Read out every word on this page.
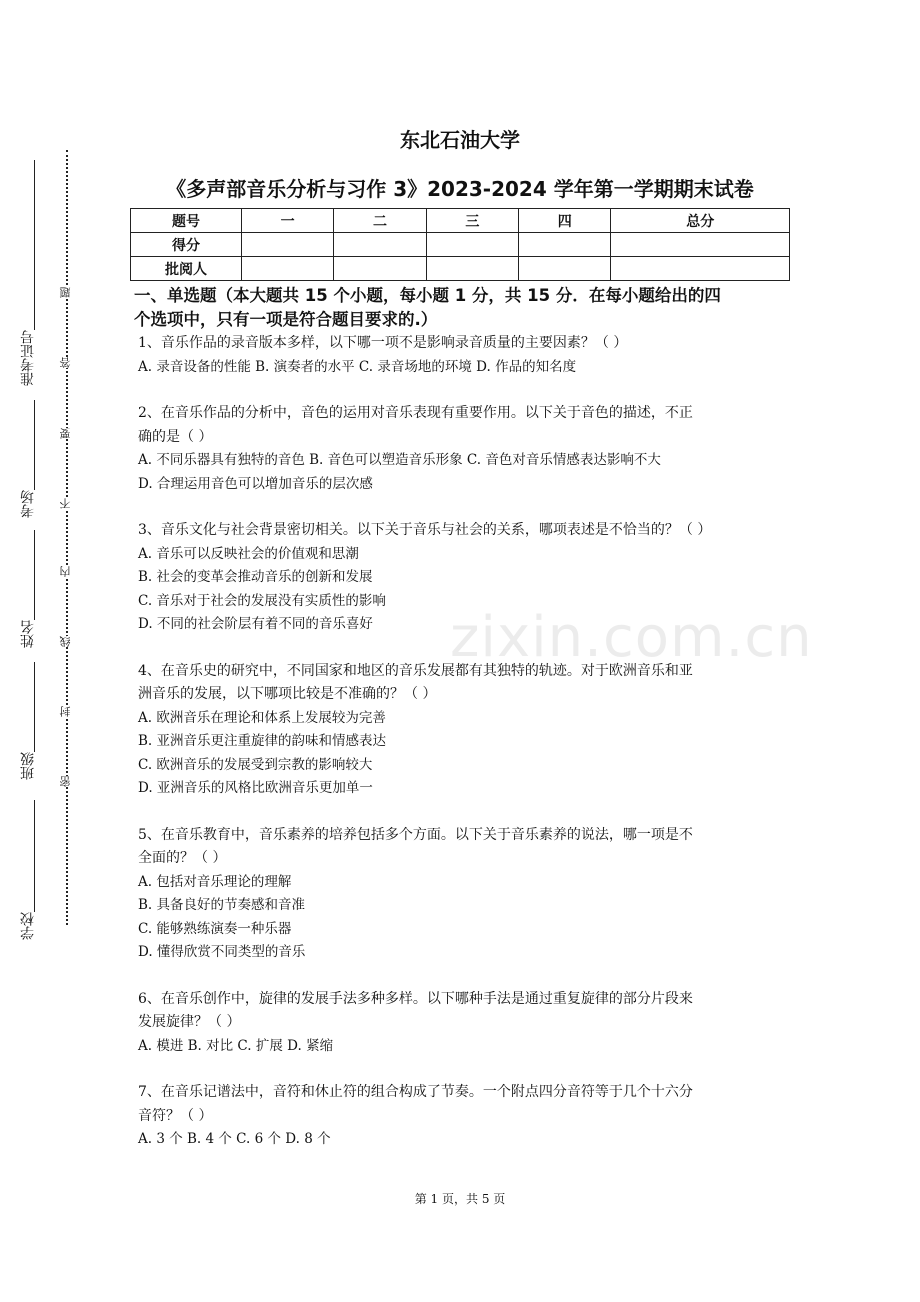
准考证号
考场
姓名
班级
学校
题
答
要
不
内
线
封
密
东北石油大学
《多声部音乐分析与习作 3》2023-2024 学年第一学期期末试卷
题号	一	二	三	四	总分
得分					
批阅人					
一、单选题（本大题共 15 个小题，每小题 1 分，共 15 分．在每小题给出的四
个选项中，只有一项是符合题目要求的.）
1、音乐作品的录音版本多样，以下哪一项不是影响录音质量的主要因素？（ ）
A. 录音设备的性能 B. 演奏者的水平 C. 录音场地的环境 D. 作品的知名度
2、在音乐作品的分析中，音色的运用对音乐表现有重要作用。以下关于音色的描述，不正
确的是（ ）
A. 不同乐器具有独特的音色 B. 音色可以塑造音乐形象 C. 音色对音乐情感表达影响不大
D. 合理运用音色可以增加音乐的层次感
3、音乐文化与社会背景密切相关。以下关于音乐与社会的关系，哪项表述是不恰当的？（ ）
A. 音乐可以反映社会的价值观和思潮
B. 社会的变革会推动音乐的创新和发展
C. 音乐对于社会的发展没有实质性的影响
D. 不同的社会阶层有着不同的音乐喜好
4、在音乐史的研究中，不同国家和地区的音乐发展都有其独特的轨迹。对于欧洲音乐和亚
洲音乐的发展，以下哪项比较是不准确的？（ ）
A. 欧洲音乐在理论和体系上发展较为完善
B. 亚洲音乐更注重旋律的韵味和情感表达
C. 欧洲音乐的发展受到宗教的影响较大
D. 亚洲音乐的风格比欧洲音乐更加单一
5、在音乐教育中，音乐素养的培养包括多个方面。以下关于音乐素养的说法，哪一项是不
全面的？（ ）
A. 包括对音乐理论的理解
B. 具备良好的节奏感和音准
C. 能够熟练演奏一种乐器
D. 懂得欣赏不同类型的音乐
6、在音乐创作中，旋律的发展手法多种多样。以下哪种手法是通过重复旋律的部分片段来
发展旋律？（ ）
A. 模进 B. 对比 C. 扩展 D. 紧缩
7、在音乐记谱法中，音符和休止符的组合构成了节奏。一个附点四分音符等于几个十六分
音符？（ ）
A. 3 个 B. 4 个 C. 6 个 D. 8 个
zixin.com.cn
第 1 页，共 5 页
